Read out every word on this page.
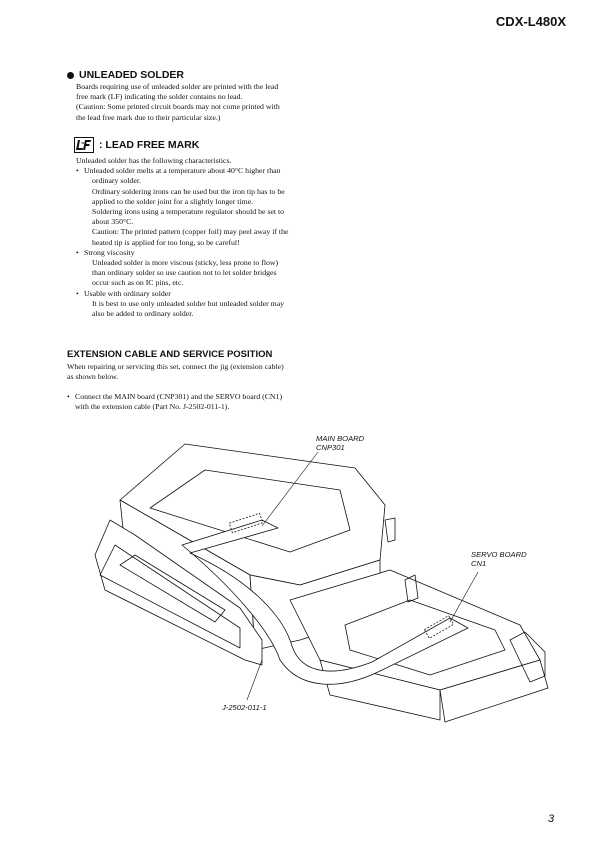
CDX-L480X
UNLEADED SOLDER
Boards requiring use of unleaded solder are printed with the lead
free mark (LF) indicating the solder contains no lead.
(Caution: Some printed circuit boards may not come printed with
the lead free mark due to their particular size.)
: LEAD FREE MARK

Unleaded solder has the following characteristics.

• Unleaded solder melts at a temperature about 40°C higher than
ordinary solder.
Ordinary soldering irons can be used but the iron tip has to be
applied to the solder joint for a slightly longer time.
Soldering irons using a temperature regulator should be set to
about 350°C.
Caution: The printed pattern (copper foil) may peel away if the
heated tip is applied for too long, so be careful!
• Strong viscosity
Unleaded solder is more viscous (sticky, less prone to flow)
than ordinary solder so use caution not to let solder bridges
occur such as on IC pins, etc.
• Usable with ordinary solder
It is best to use only unleaded solder but unleaded solder may
also be added to ordinary solder.
EXTENSION CABLE AND SERVICE POSITION
When repairing or servicing this set, connect the jig (extension cable)
as shown below.
• Connect the MAIN board (CNP301) and the SERVO board (CN1)
with the extension cable (Part No. J-2502-011-1).
MAIN BOARD
CNP301
SERVO BOARD
CN1
J-2502-011-1
3
